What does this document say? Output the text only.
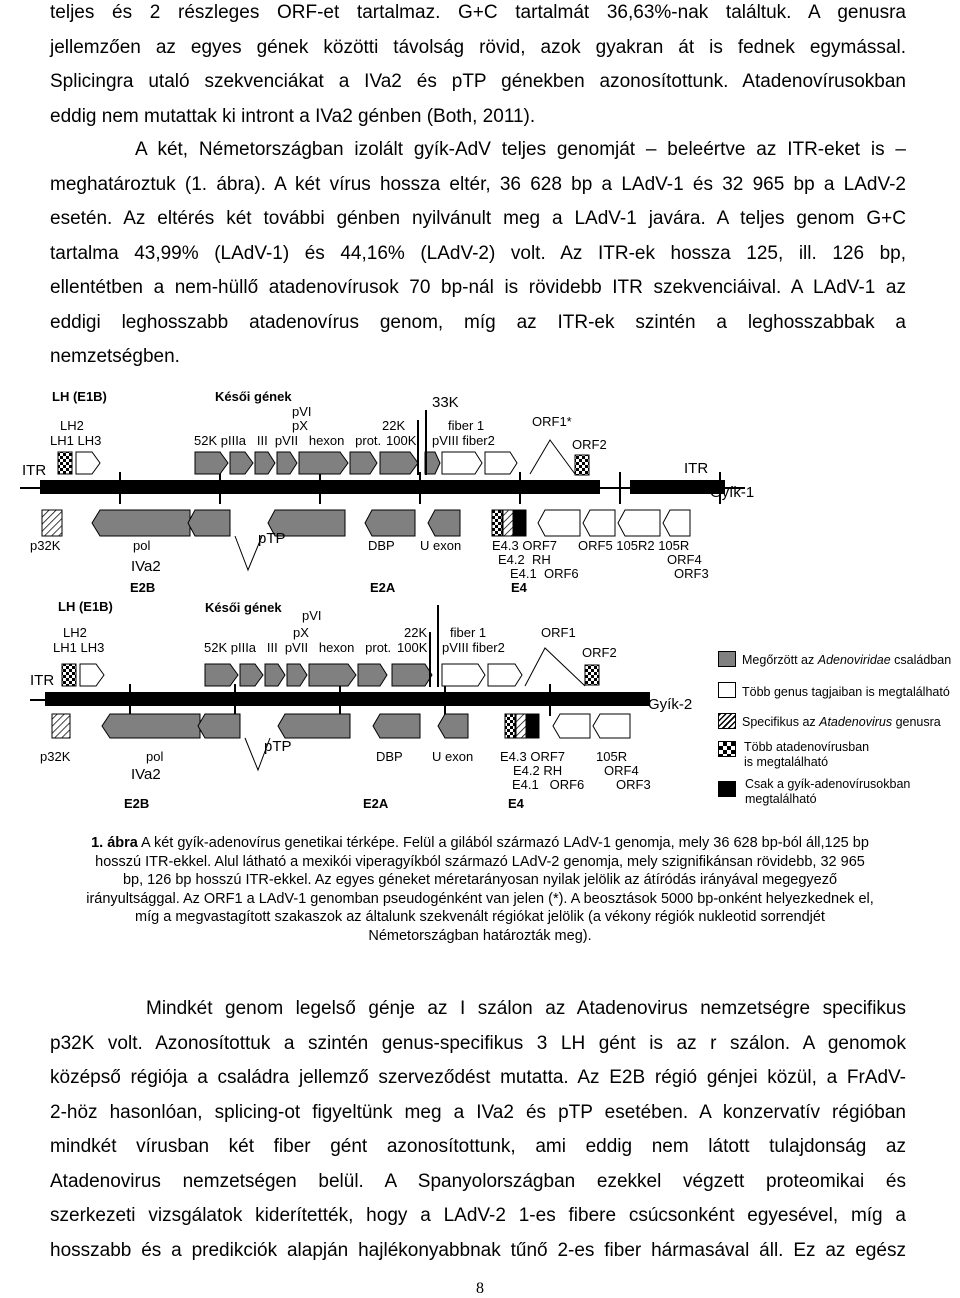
teljes és 2 részleges ORF-et tartalmaz. G+C tartalmát 36,63%-nak találtuk. A genusra
jellemzően az egyes gének közötti távolság rövid, azok gyakran át is fednek egymással.
Splicingra utaló szekvenciákat a IVa2 és pTP génekben azonosítottunk. Atadenovírusokban
eddig nem mutattak ki intront a IVa2 génben (Both, 2011).
A két, Németországban izolált gyík-AdV teljes genomját – beleértve az ITR-eket is –
meghatároztuk (1. ábra). A két vírus hossza eltér, 36 628 bp a LAdV-1 és 32 965 bp a LAdV-2
esetén. Az eltérés két további génben nyilvánult meg a LAdV-1 javára. A teljes genom G+C
tartalma 43,99% (LAdV-1) és 44,16% (LAdV-2) volt. Az ITR-ek hossza 125, ill. 126 bp,
ellentétben a nem-hüllő atadenovírusok 70 bp-nál is rövidebb ITR szekvenciáival. A LAdV-1 az
eddigi leghosszabb atadenovírus genom, míg az ITR-ek szintén a leghosszabbak a
nemzetségben.
LH (E1B)	Késői gének	33K
pVI
LH2	pX	22K	fiber 1	ORF1*
LH1 LH3	52K pIIIa   III  pVII   hexon   prot. 100K pVIII fiber2	ORF2
ITR	ITR
Gyík-1
p32K	pol	pTP	DBP U exon E4.3 ORF7 ORF5 105R2 105R
E4.2  RH	ORF4
IVa2	E4.1  ORF6	ORF3
E2B	E2A	E4
LH (E1B)	Késői gének
pVI
LH2	pX	22K fiber 1	ORF1
LH1 LH3	52K pIIIa   III  pVII   hexon   prot. 100K pVIII fiber2	ORF2
ITR
Gyík-2
p32K	pol
pTP
DBP U exon E4.3 ORF7 105R
E4.2 RH	ORF4
IVa2
E4.1   ORF6 ORF3
E2B	E2A	E4
Megőrzött az Adenoviridae családban
Több genus tagjaiban is megtalálható
Specifikus az Atadenovirus genusra
Több atadenovírusban
is megtalálható
Csak a gyík-adenovírusokban
megtalálható
1. ábra A két gyík-adenovírus genetikai térképe. Felül a gilából származó LAdV-1 genomja, mely 36 628 bp-ból áll,125 bp
hosszú ITR-ekkel. Alul látható a mexikói viperagyíkból származó LAdV-2 genomja, mely szignifikánsan rövidebb, 32 965
bp, 126 bp hosszú ITR-ekkel. Az egyes géneket méretarányosan nyilak jelölik az átíródás irányával megegyező
irányultsággal. Az ORF1 a LAdV-1 genomban pseudogénként van jelen (*). A beosztások 5000 bp-onként helyezkednek el,
míg a megvastagított szakaszok az általunk szekvenált régiókat jelölik (a vékony régiók nukleotid sorrendjét
Németországban határozták meg).
Mindkét genom legelső génje az I szálon az Atadenovirus nemzetségre specifikus
p32K volt. Azonosítottuk a szintén genus-specifikus 3 LH gént is az r szálon. A genomok
középső régiója a családra jellemző szerveződést mutatta. Az E2B régió génjei közül, a FrAdV-
2-höz hasonlóan, splicing-ot figyeltünk meg a IVa2 és pTP esetében. A konzervatív régióban
mindkét vírusban két fiber gént azonosítottunk, ami eddig nem látott tulajdonság az
Atadenovirus nemzetségen belül. A Spanyolországban ezekkel végzett proteomikai és
szerkezeti vizsgálatok kiderítették, hogy a LAdV-2 1-es fibere csúcsonként egyesével, míg a
hosszabb és a predikciók alapján hajlékonyabbnak tűnő 2-es fiber hármasával áll. Ez az egész
8
